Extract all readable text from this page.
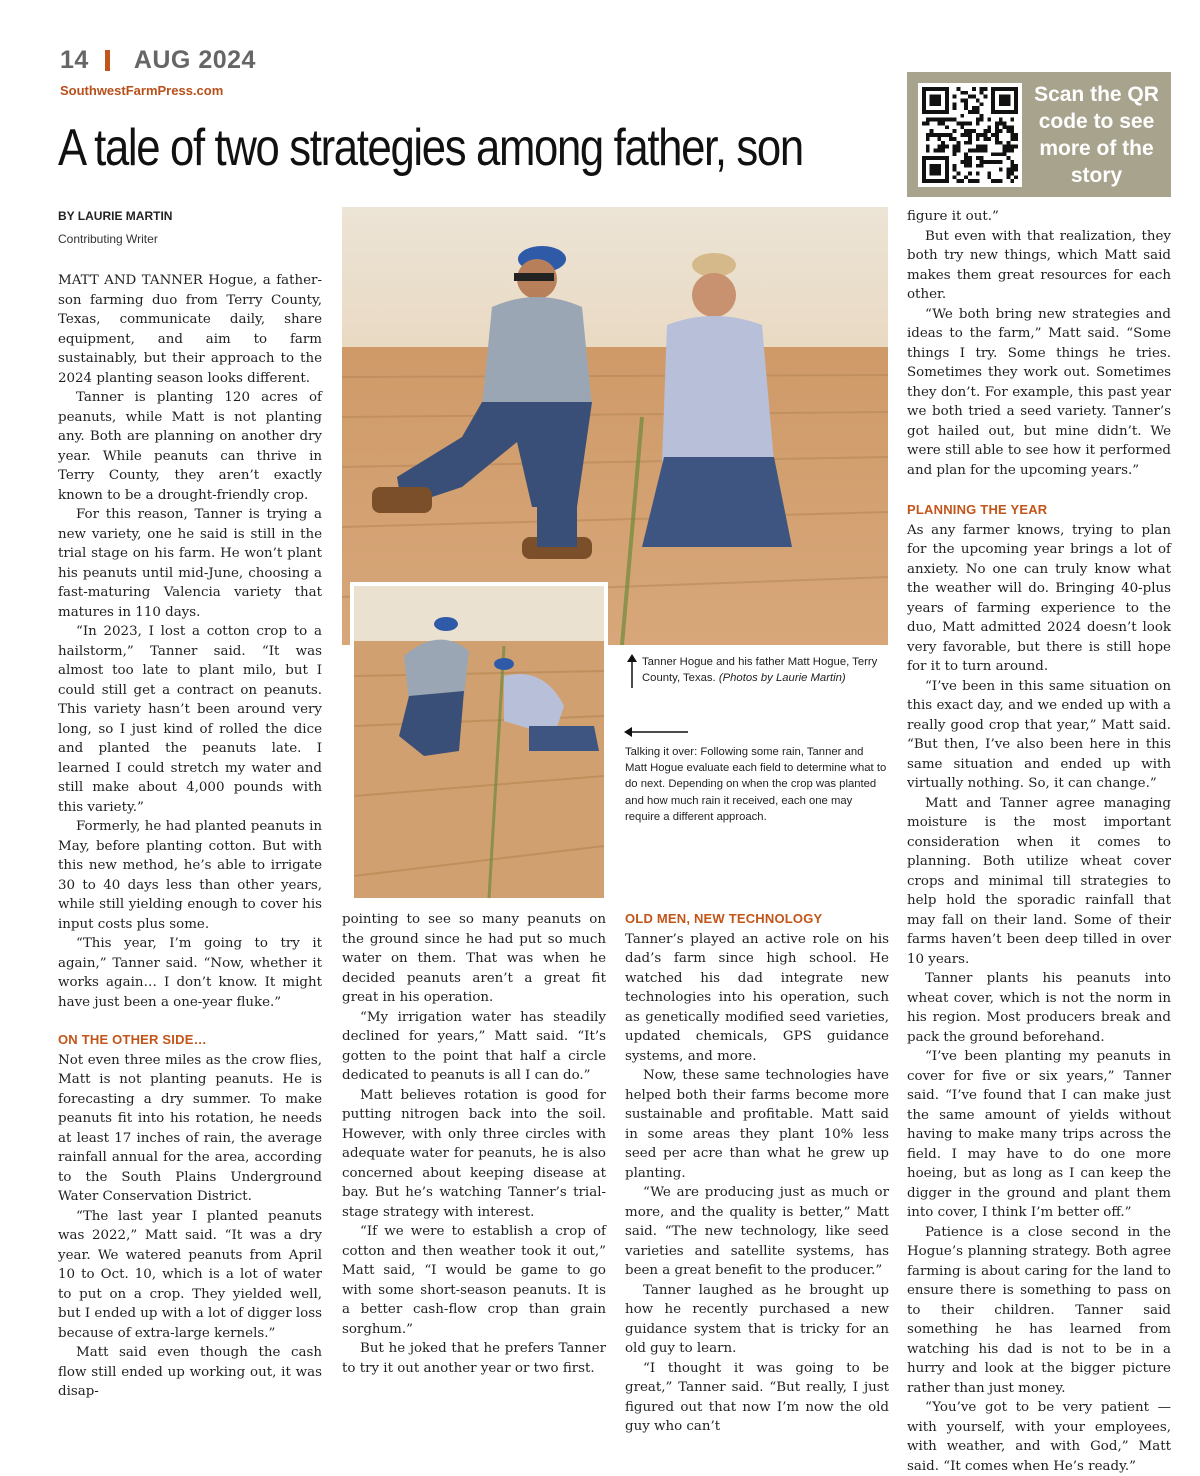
14 AUG 2024
SouthwestFarmPress.com
A tale of two strategies among father, son
Scan the QR code to see more of the story
BY LAURIE MARTIN
Contributing Writer

MATT AND TANNER Hogue, a father-son farming duo from Terry County, Texas, communicate daily, share equipment, and aim to farm sustainably, but their approach to the 2024 planting season looks different.

Tanner is planting 120 acres of peanuts, while Matt is not planting any. Both are planning on another dry year. While peanuts can thrive in Terry County, they aren’t exactly known to be a drought-friendly crop.

For this reason, Tanner is trying a new variety, one he said is still in the trial stage on his farm. He won’t plant his peanuts until mid-June, choosing a fast-maturing Valencia variety that matures in 110 days.

“In 2023, I lost a cotton crop to a hailstorm,” Tanner said. “It was almost too late to plant milo, but I could still get a contract on peanuts. This variety hasn’t been around very long, so I just kind of rolled the dice and planted the peanuts late. I learned I could stretch my water and still make about 4,000 pounds with this variety.”

Formerly, he had planted peanuts in May, before planting cotton. But with this new method, he’s able to irrigate 30 to 40 days less than other years, while still yielding enough to cover his input costs plus some.

“This year, I’m going to try it again,” Tanner said. “Now, whether it works again… I don’t know. It might have just been a one-year fluke.”

ON THE OTHER SIDE…

Not even three miles as the crow flies, Matt is not planting peanuts. He is forecasting a dry summer. To make peanuts fit into his rotation, he needs at least 17 inches of rain, the average rainfall annual for the area, according to the South Plains Underground Water Conservation District.

“The last year I planted peanuts was 2022,” Matt said. “It was a dry year. We watered peanuts from April 10 to Oct. 10, which is a lot of water to put on a crop. They yielded well, but I ended up with a lot of digger loss because of extra-large kernels.”

Matt said even though the cash flow still ended up working out, it was disap-

Tanner Hogue and his father Matt Hogue, Terry County, Texas. (Photos by Laurie Martin)
Talking it over: Following some rain, Tanner and Matt Hogue evaluate each field to determine what to do next. Depending on when the crop was planted and how much rain it received, each one may require a different approach.

pointing to see so many peanuts on the ground since he had put so much water on them. That was when he decided peanuts aren’t a great fit great in his operation.

“My irrigation water has steadily declined for years,” Matt said. “It’s gotten to the point that half a circle dedicated to peanuts is all I can do.”

Matt believes rotation is good for putting nitrogen back into the soil. However, with only three circles with adequate water for peanuts, he is also concerned about keeping disease at bay. But he’s watching Tanner’s trial-stage strategy with interest.

“If we were to establish a crop of cotton and then weather took it out,” Matt said, “I would be game to go with some short-season peanuts. It is a better cash-flow crop than grain sorghum.”

But he joked that he prefers Tanner to try it out another year or two first.

OLD MEN, NEW TECHNOLOGY

Tanner’s played an active role on his dad’s farm since high school. He watched his dad integrate new technologies into his operation, such as genetically modified seed varieties, updated chemicals, GPS guidance systems, and more.

Now, these same technologies have helped both their farms become more sustainable and profitable. Matt said in some areas they plant 10% less seed per acre than what he grew up planting.

“We are producing just as much or more, and the quality is better,” Matt said. “The new technology, like seed varieties and satellite systems, has been a great benefit to the producer.”

Tanner laughed as he brought up how he recently purchased a new guidance system that is tricky for an old guy to learn.

“I thought it was going to be great,” Tanner said. “But really, I just figured out that now I’m now the old guy who can’t

figure it out.”

But even with that realization, they both try new things, which Matt said makes them great resources for each other.

“We both bring new strategies and ideas to the farm,” Matt said. “Some things I try. Some things he tries. Sometimes they work out. Sometimes they don’t. For example, this past year we both tried a seed variety. Tanner’s got hailed out, but mine didn’t. We were still able to see how it performed and plan for the upcoming years.”

PLANNING THE YEAR

As any farmer knows, trying to plan for the upcoming year brings a lot of anxiety. No one can truly know what the weather will do. Bringing 40-plus years of farming experience to the duo, Matt admitted 2024 doesn’t look very favorable, but there is still hope for it to turn around.

“I’ve been in this same situation on this exact day, and we ended up with a really good crop that year,” Matt said. “But then, I’ve also been here in this same situation and ended up with virtually nothing. So, it can change.”

Matt and Tanner agree managing moisture is the most important consideration when it comes to planning. Both utilize wheat cover crops and minimal till strategies to help hold the sporadic rainfall that may fall on their land. Some of their farms haven’t been deep tilled in over 10 years.

Tanner plants his peanuts into wheat cover, which is not the norm in his region. Most producers break and pack the ground beforehand.

“I’ve been planting my peanuts in cover for five or six years,” Tanner said. “I’ve found that I can make just the same amount of yields without having to make many trips across the field. I may have to do one more hoeing, but as long as I can keep the digger in the ground and plant them into cover, I think I’m better off.”

Patience is a close second in the Hogue’s planning strategy. Both agree farming is about caring for the land to ensure there is something to pass on to their children. Tanner said something he has learned from watching his dad is not to be in a hurry and look at the bigger picture rather than just money.

“You’ve got to be very patient — with yourself, with your employees, with weather, and with God,” Matt said. “It comes when He’s ready.”
